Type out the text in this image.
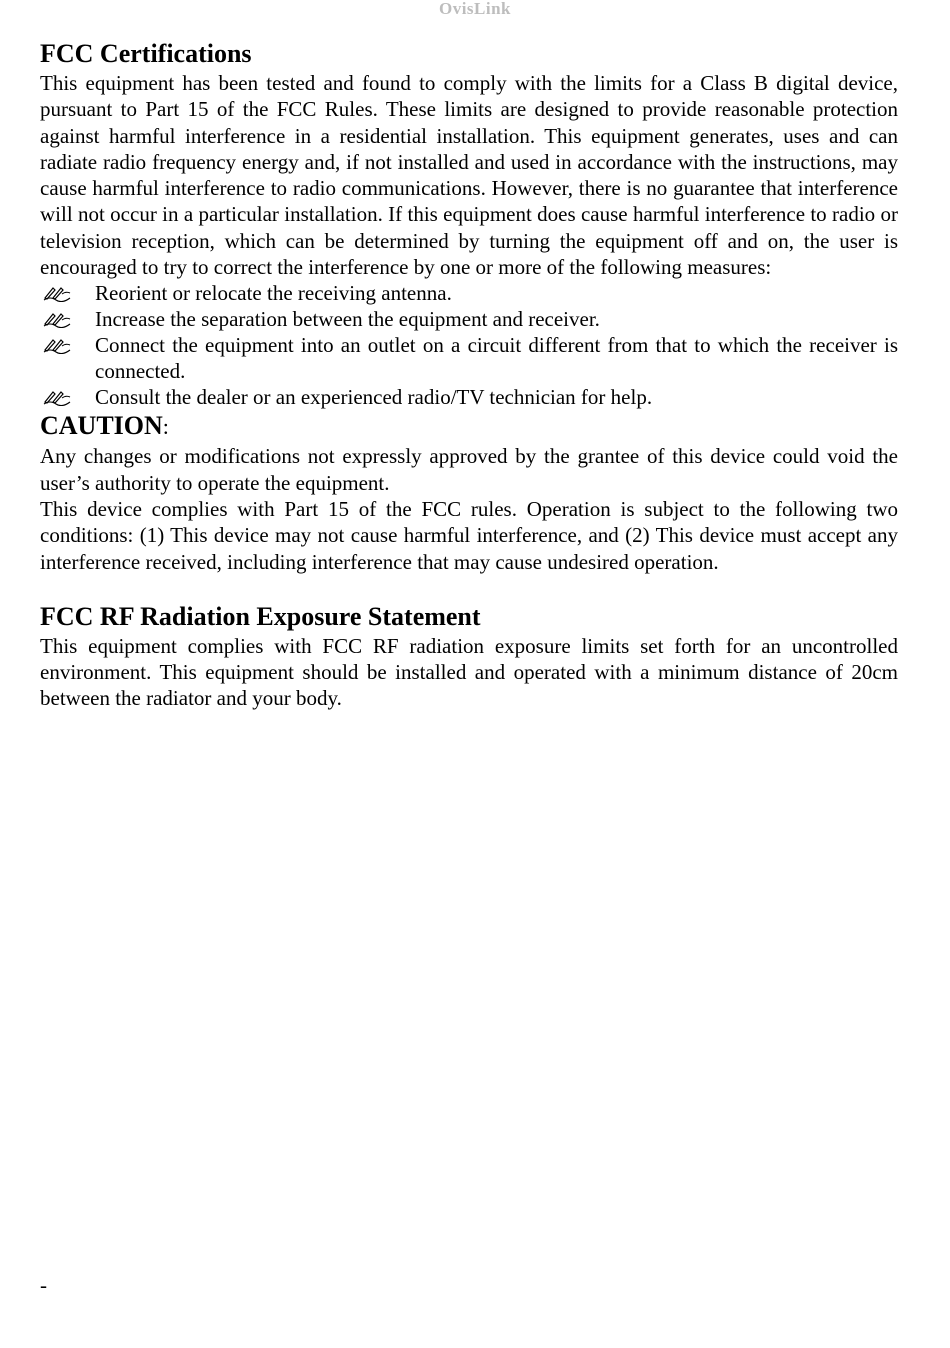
OvisLink
FCC Certifications

This equipment has been tested and found to comply with the limits for a Class B digital device, pursuant to Part 15 of the FCC Rules. These limits are designed to provide reasonable protection against harmful interference in a residential installation. This equipment generates, uses and can radiate radio frequency energy and, if not installed and used in accordance with the instructions, may cause harmful interference to radio communications. However, there is no guarantee that interference will not occur in a particular installation. If this equipment does cause harmful interference to radio or television reception, which can be determined by turning the equipment off and on, the user is encouraged to try to correct the interference by one or more of the following measures:

Reorient or relocate the receiving antenna.
Increase the separation between the equipment and receiver.
Connect the equipment into an outlet on a circuit different from that to which the receiver is connected.
Consult the dealer or an experienced radio/TV technician for help.
CAUTION:

Any changes or modifications not expressly approved by the grantee of this device could void the user’s authority to operate the equipment.

This device complies with Part 15 of the FCC rules. Operation is subject to the following two conditions: (1) This device may not cause harmful interference, and (2) This device must accept any interference received, including interference that may cause undesired operation.

FCC RF Radiation Exposure Statement

This equipment complies with FCC RF radiation exposure limits set forth for an uncontrolled environment. This equipment should be installed and operated with a minimum distance of 20cm between the radiator and your body.

-
